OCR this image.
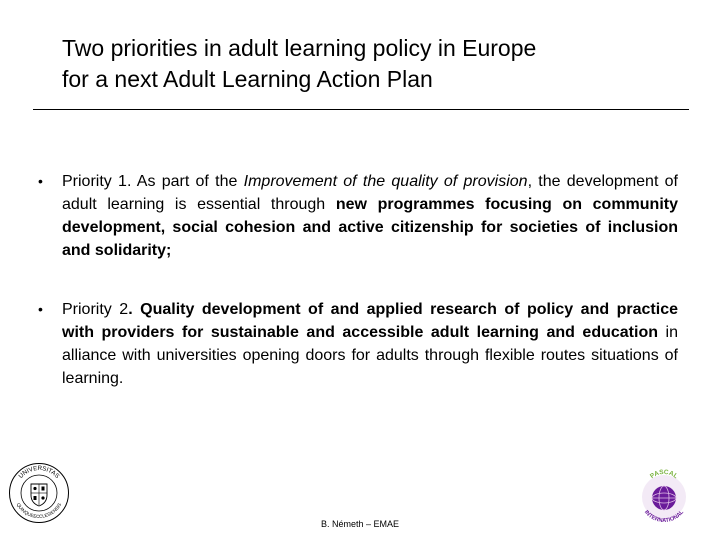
Two priorities in adult learning policy in Europe
for a next Adult Learning Action Plan
• Priority 1. As part of the Improvement of the quality of provision, the development of adult learning is essential through new programmes focusing on community development, social cohesion and active citizenship for societies of inclusion and solidarity;
• Priority 2. Quality development of and applied research of policy and practice with providers for sustainable and accessible adult learning and education in alliance with universities opening doors for adults through flexible routes situations of learning.
UNIVERSITAS
QUINQUEECCLESIENSIS
PASCAL
INTERNATIONAL
B. Németh – EMAE
